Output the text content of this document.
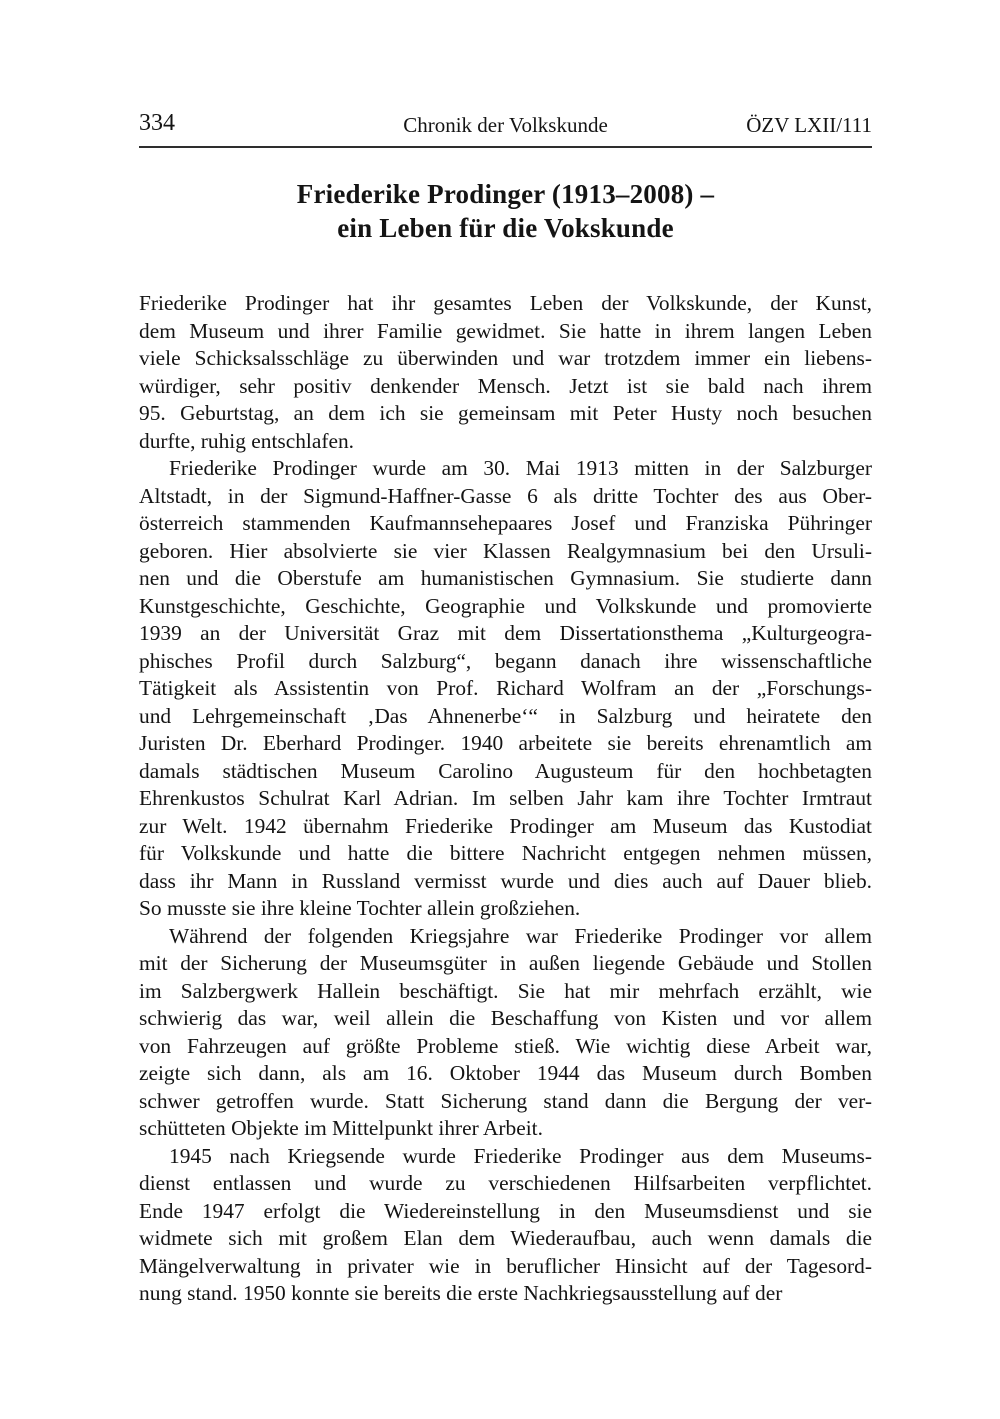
334	Chronik der Volkskunde	ÖZV LXII/111
Friederike Prodinger (1913–2008) –
ein Leben für die Vokskunde

Friederike Prodinger hat ihr gesamtes Leben der Volkskunde, der Kunst,
dem Museum und ihrer Familie gewidmet. Sie hatte in ihrem langen Leben
viele Schicksalsschläge zu überwinden und war trotzdem immer ein liebens-
würdiger, sehr positiv denkender Mensch. Jetzt ist sie bald nach ihrem
95. Geburtstag, an dem ich sie gemeinsam mit Peter Husty noch besuchen
durfte, ruhig entschlafen.

Friederike Prodinger wurde am 30. Mai 1913 mitten in der Salzburger
Altstadt, in der Sigmund-Haffner-Gasse 6 als dritte Tochter des aus Ober-
österreich stammenden Kaufmannsehepaares Josef und Franziska Pühringer
geboren. Hier absolvierte sie vier Klassen Realgymnasium bei den Ursuli-
nen und die Oberstufe am humanistischen Gymnasium. Sie studierte dann
Kunstgeschichte, Geschichte, Geographie und Volkskunde und promovierte
1939 an der Universität Graz mit dem Dissertationsthema „Kulturgeogra-
phisches Profil durch Salzburg“, begann danach ihre wissenschaftliche
Tätigkeit als Assistentin von Prof. Richard Wolfram an der „Forschungs-
und Lehrgemeinschaft ‚Das Ahnenerbe‘“ in Salzburg und heiratete den
Juristen Dr. Eberhard Prodinger. 1940 arbeitete sie bereits ehrenamtlich am
damals städtischen Museum Carolino Augusteum für den hochbetagten
Ehrenkustos Schulrat Karl Adrian. Im selben Jahr kam ihre Tochter Irmtraut
zur Welt. 1942 übernahm Friederike Prodinger am Museum das Kustodiat
für Volkskunde und hatte die bittere Nachricht entgegen nehmen müssen,
dass ihr Mann in Russland vermisst wurde und dies auch auf Dauer blieb.
So musste sie ihre kleine Tochter allein großziehen.

Während der folgenden Kriegsjahre war Friederike Prodinger vor allem
mit der Sicherung der Museumsgüter in außen liegende Gebäude und Stollen
im Salzbergwerk Hallein beschäftigt. Sie hat mir mehrfach erzählt, wie
schwierig das war, weil allein die Beschaffung von Kisten und vor allem
von Fahrzeugen auf größte Probleme stieß. Wie wichtig diese Arbeit war,
zeigte sich dann, als am 16. Oktober 1944 das Museum durch Bomben
schwer getroffen wurde. Statt Sicherung stand dann die Bergung der ver-
schütteten Objekte im Mittelpunkt ihrer Arbeit.

1945 nach Kriegsende wurde Friederike Prodinger aus dem Museums-
dienst entlassen und wurde zu verschiedenen Hilfsarbeiten verpflichtet.
Ende 1947 erfolgt die Wiedereinstellung in den Museumsdienst und sie
widmete sich mit großem Elan dem Wiederaufbau, auch wenn damals die
Mängelverwaltung in privater wie in beruflicher Hinsicht auf der Tagesord-
nung stand. 1950 konnte sie bereits die erste Nachkriegsausstellung auf der
